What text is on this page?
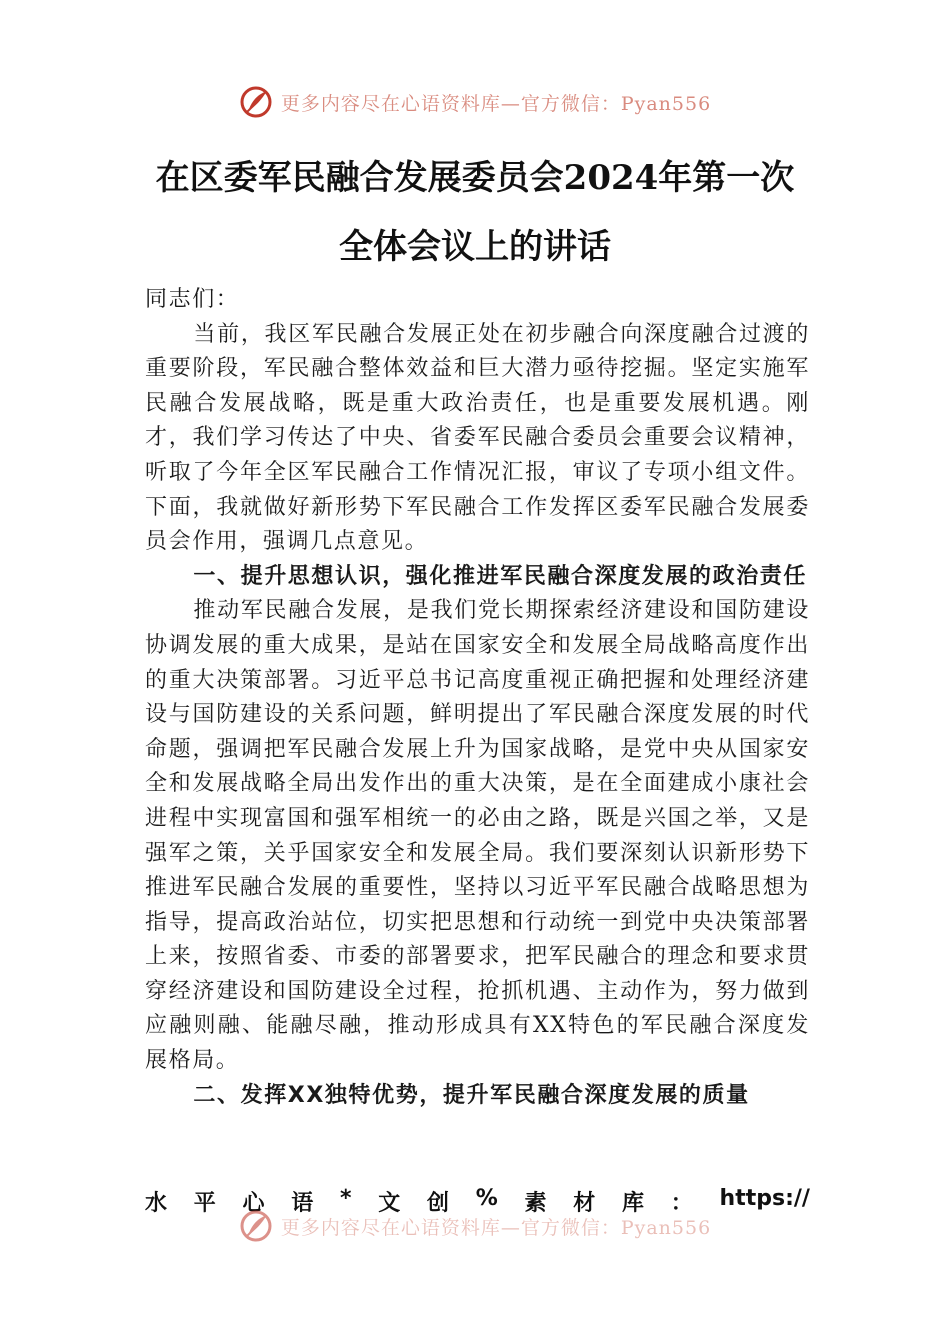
更多内容尽在心语资料库—官方微信：Pyan556
在区委军民融合发展委员会2024年第一次
全体会议上的讲话

同志们：

当前，我区军民融合发展正处在初步融合向深度融合过渡的重要阶段，军民融合整体效益和巨大潜力亟待挖掘。坚定实施军民融合发展战略，既是重大政治责任，也是重要发展机遇。刚才，我们学习传达了中央、省委军民融合委员会重要会议精神，听取了今年全区军民融合工作情况汇报，审议了专项小组文件。下面，我就做好新形势下军民融合工作发挥区委军民融合发展委员会作用，强调几点意见。

一、提升思想认识，强化推进军民融合深度发展的政治责任

推动军民融合发展，是我们党长期探索经济建设和国防建设协调发展的重大成果，是站在国家安全和发展全局战略高度作出的重大决策部署。习近平总书记高度重视正确把握和处理经济建设与国防建设的关系问题，鲜明提出了军民融合深度发展的时代命题，强调把军民融合发展上升为国家战略，是党中央从国家安全和发展战略全局出发作出的重大决策，是在全面建成小康社会进程中实现富国和强军相统一的必由之路，既是兴国之举，又是强军之策，关乎国家安全和发展全局。我们要深刻认识新形势下推进军民融合发展的重要性，坚持以习近平军民融合战略思想为指导，提高政治站位，切实把思想和行动统一到党中央决策部署上来，按照省委、市委的部署要求，把军民融合的理念和要求贯穿经济建设和国防建设全过程，抢抓机遇、主动作为，努力做到应融则融、能融尽融，推动形成具有XX特色的军民融合深度发展格局。

二、发挥XX独特优势，提升军民融合深度发展的质量

水 平 心 语 * 文 创 % 素 材 库 ： https://
更多内容尽在心语资料库—官方微信：Pyan556
